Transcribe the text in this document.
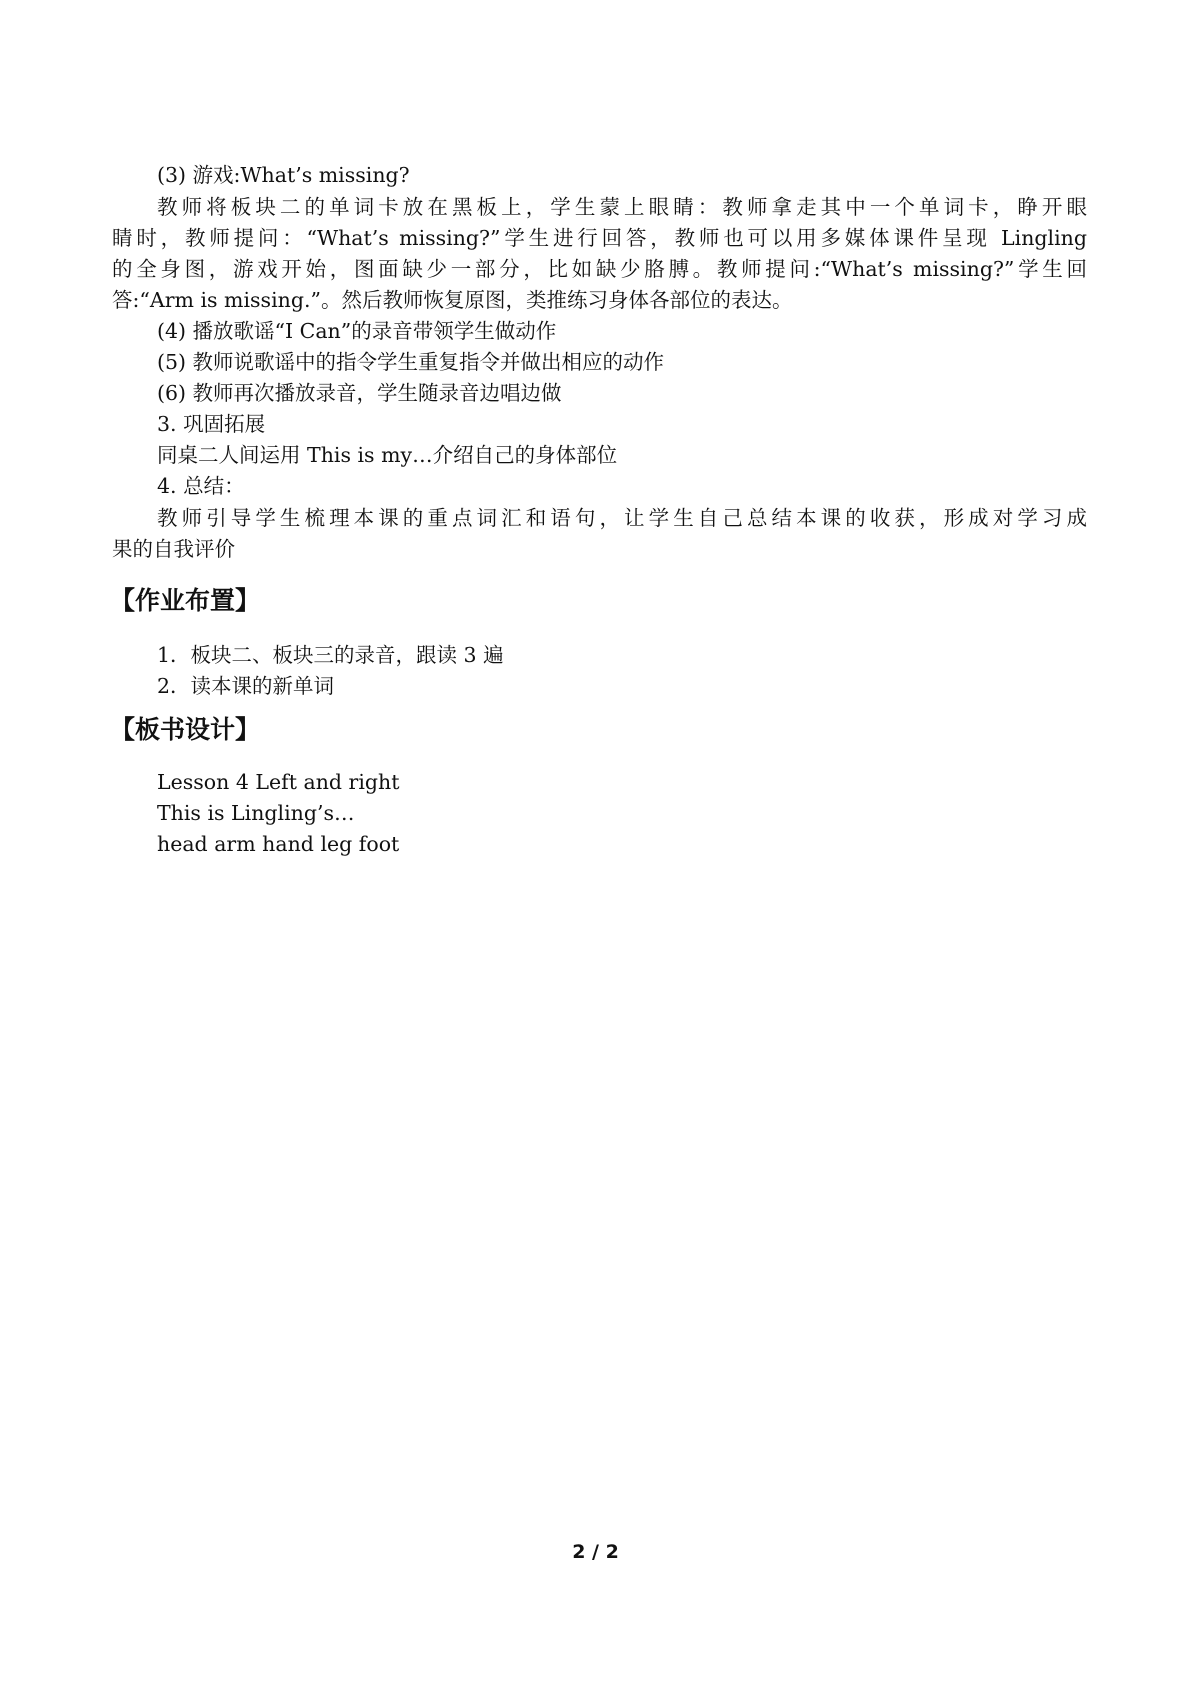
(3) 游戏:What’s missing?
教师将板块二的单词卡放在黑板上，学生蒙上眼睛：教师拿走其中一个单词卡，睁开眼
睛时，教师提问：“What’s missing?”学生进行回答，教师也可以用多媒体课件呈现 Lingling
的全身图，游戏开始，图面缺少一部分，比如缺少胳膊。教师提问:“What’s missing?”学生回
答:“Arm is missing.”。然后教师恢复原图，类推练习身体各部位的表达。
(4) 播放歌谣“I Can”的录音带领学生做动作
(5) 教师说歌谣中的指令学生重复指令并做出相应的动作
(6) 教师再次播放录音，学生随录音边唱边做
3. 巩固拓展
同桌二人间运用 This is my…介绍自己的身体部位
4. 总结：
教师引导学生梳理本课的重点词汇和语句，让学生自己总结本课的收获，形成对学习成
果的自我评价
【作业布置】
1．板块二、板块三的录音，跟读 3 遍
2．读本课的新单词
【板书设计】
Lesson 4 Left and right
This is Lingling’s…
head arm hand leg foot
2 / 2
